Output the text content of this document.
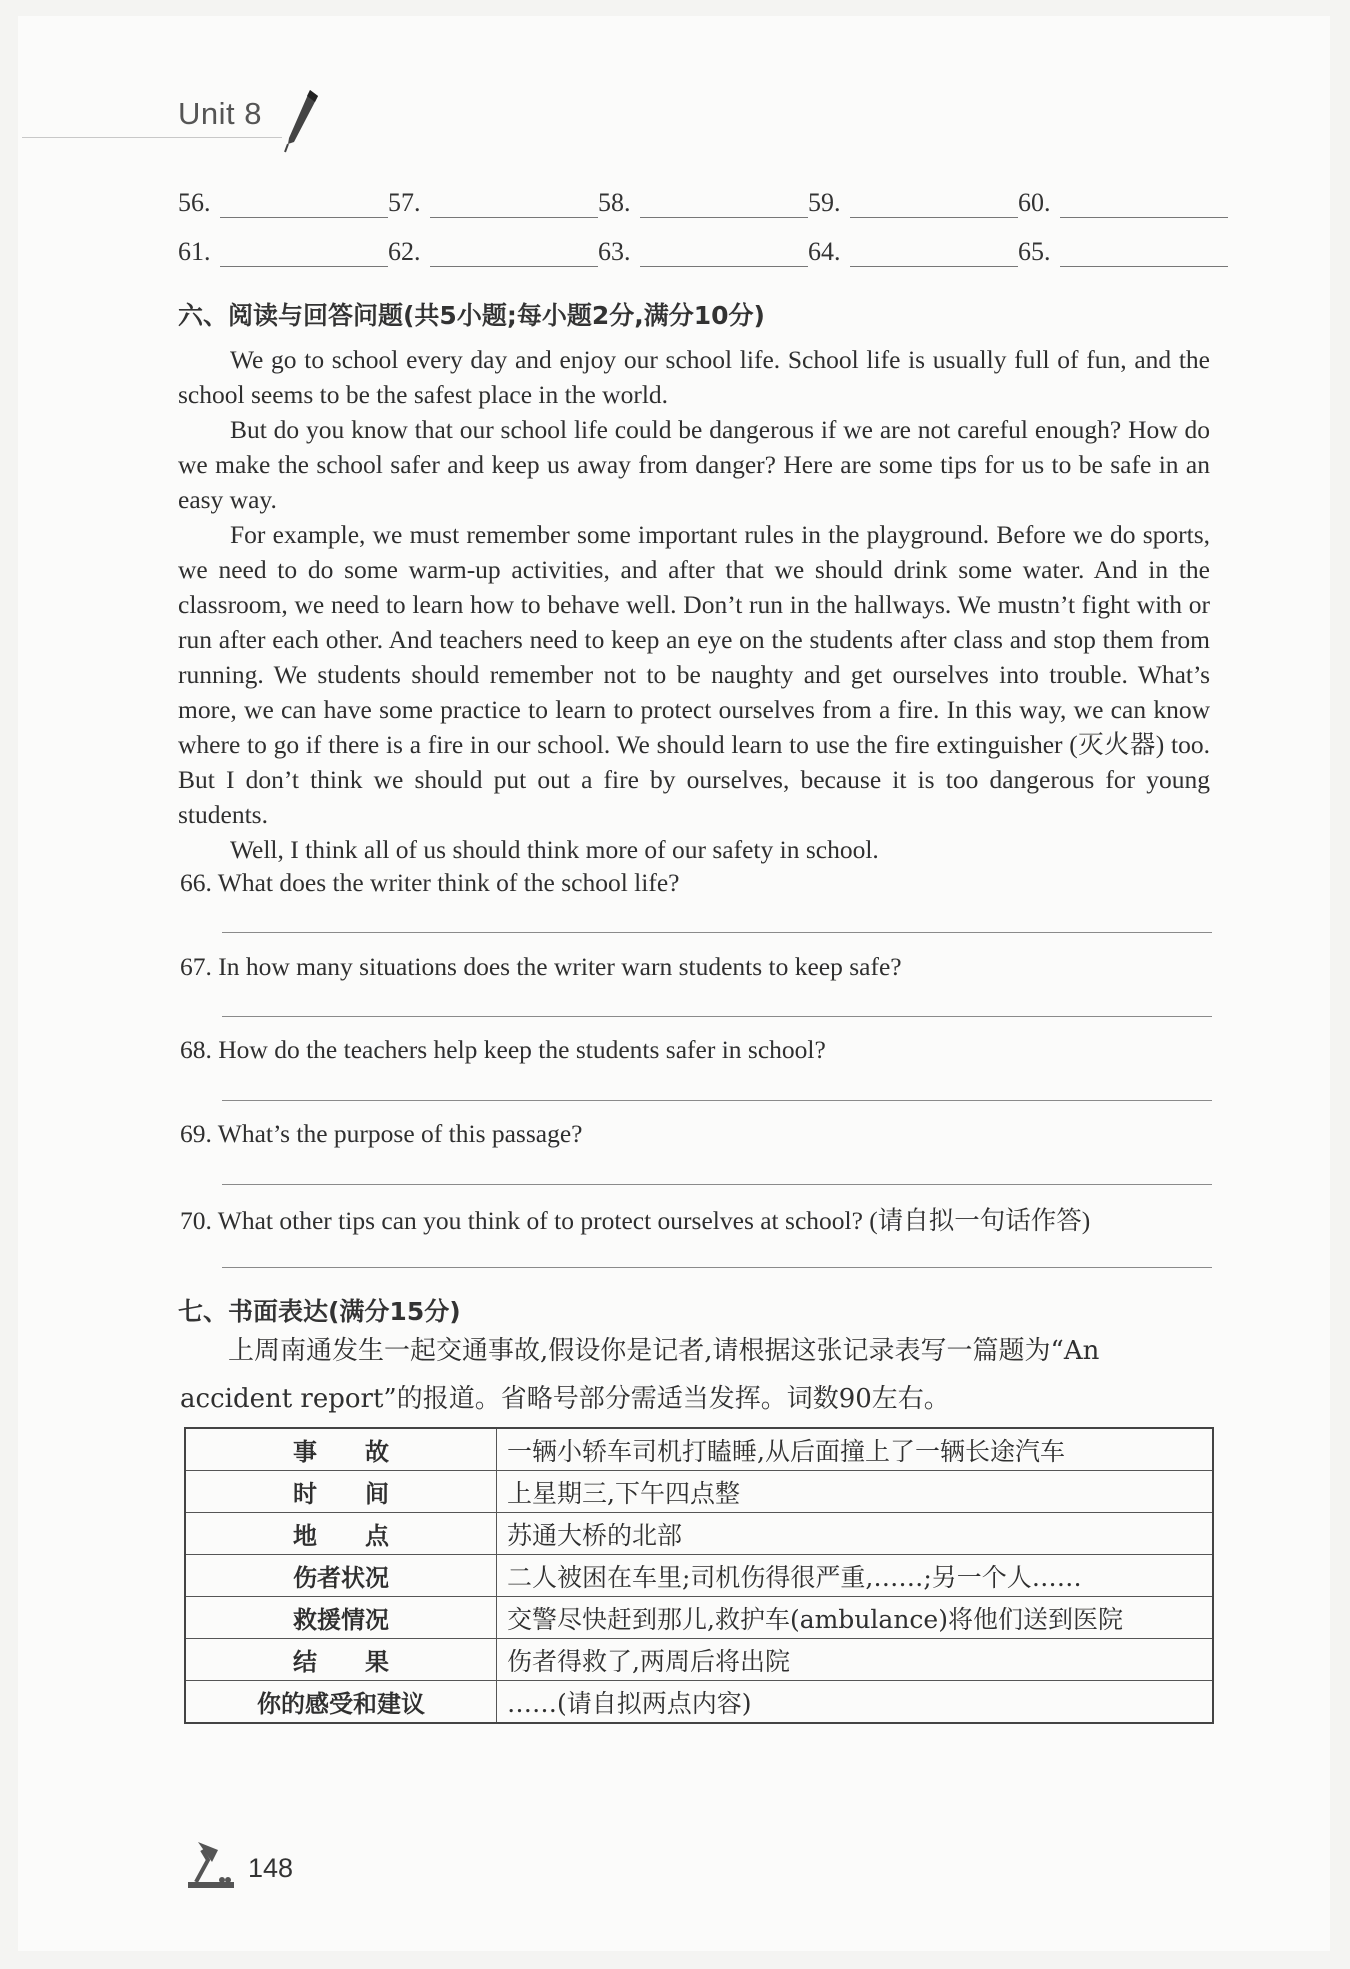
Unit 8
56.	57.	58.	59.	60.
61.	62.	63.	64.	65.
六、阅读与回答问题(共5小题;每小题2分,满分10分)
We go to school every day and enjoy our school life. School life is usually full of fun, and the school seems to be the safest place in the world.
But do you know that our school life could be dangerous if we are not careful enough? How do we make the school safer and keep us away from danger? Here are some tips for us to be safe in an easy way.
For example, we must remember some important rules in the playground. Before we do sports, we need to do some warm-up activities, and after that we should drink some water. And in the classroom, we need to learn how to behave well. Don’t run in the hallways. We mustn’t fight with or run after each other. And teachers need to keep an eye on the students after class and stop them from running. We students should remember not to be naughty and get ourselves into trouble. What’s more, we can have some practice to learn to protect ourselves from a fire. In this way, we can know where to go if there is a fire in our school. We should learn to use the fire extinguisher (灭火器) too. But I don’t think we should put out a fire by ourselves, because it is too dangerous for young students.
Well, I think all of us should think more of our safety in school.
66. What does the writer think of the school life?
67. In how many situations does the writer warn students to keep safe?
68. How do the teachers help keep the students safer in school?
69. What’s the purpose of this passage?
70. What other tips can you think of to protect ourselves at school? (请自拟一句话作答)
七、书面表达(满分15分)
上周南通发生一起交通事故,假设你是记者,请根据这张记录表写一篇题为“An accident report”的报道。省略号部分需适当发挥。词数90左右。
事　　故	一辆小轿车司机打瞌睡,从后面撞上了一辆长途汽车
时　　间	上星期三,下午四点整
地　　点	苏通大桥的北部
伤者状况	二人被困在车里;司机伤得很严重,……;另一个人……
救援情况	交警尽快赶到那儿,救护车(ambulance)将他们送到医院
结　　果	伤者得救了,两周后将出院
你的感受和建议	……(请自拟两点内容)
148
